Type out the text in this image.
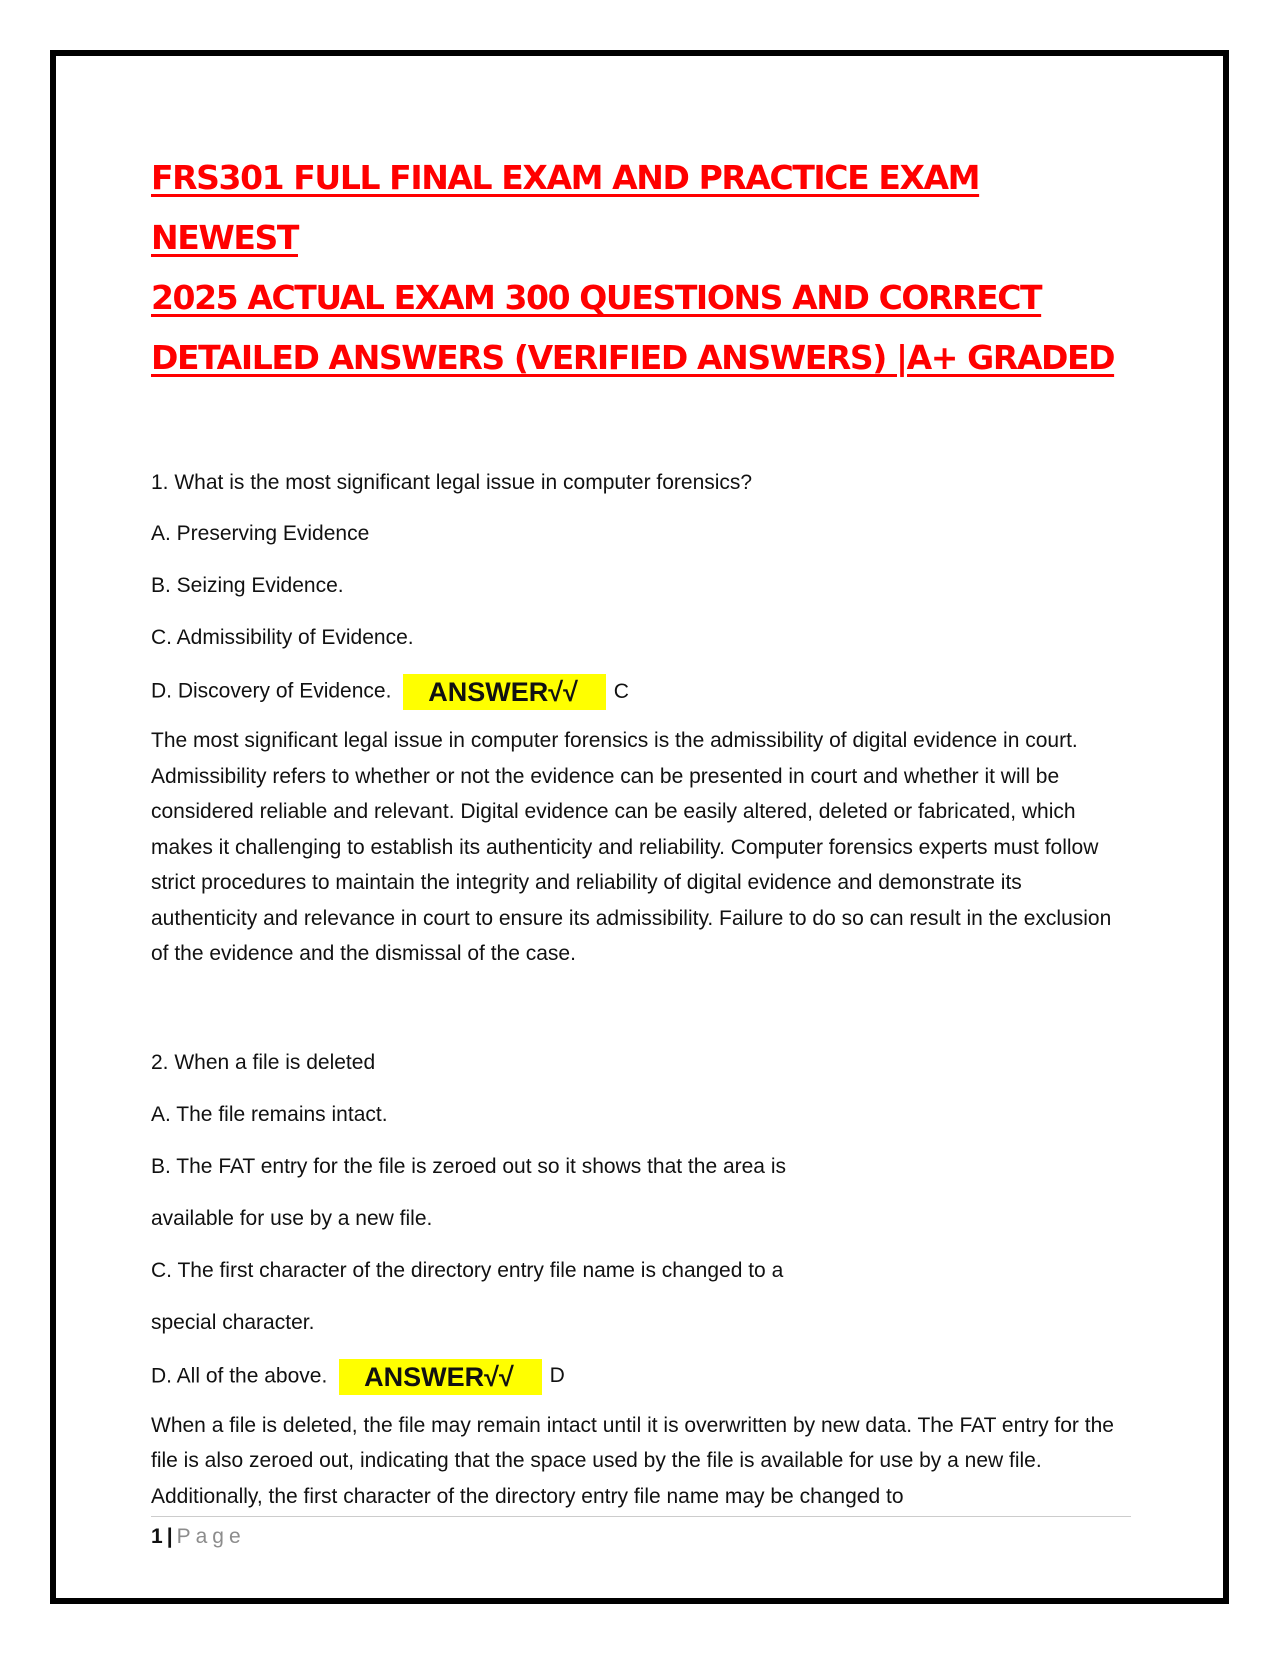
FRS301 FULL FINAL EXAM AND PRACTICE EXAM NEWEST
2025 ACTUAL EXAM 300 QUESTIONS AND CORRECT
DETAILED ANSWERS (VERIFIED ANSWERS) |A+ GRADED

1. What is the most significant legal issue in computer forensics?

A. Preserving Evidence

B. Seizing Evidence.

C. Admissibility of Evidence.

D. Discovery of Evidence. ANSWER√√ C

The most significant legal issue in computer forensics is the admissibility of digital evidence in court. Admissibility refers to whether or not the evidence can be presented in court and whether it will be considered reliable and relevant. Digital evidence can be easily altered, deleted or fabricated, which makes it challenging to establish its authenticity and reliability. Computer forensics experts must follow strict procedures to maintain the integrity and reliability of digital evidence and demonstrate its authenticity and relevance in court to ensure its admissibility. Failure to do so can result in the exclusion of the evidence and the dismissal of the case.

2. When a file is deleted

A. The file remains intact.

B. The FAT entry for the file is zeroed out so it shows that the area is

available for use by a new file.

C. The first character of the directory entry file name is changed to a

special character.

D. All of the above. ANSWER√√ D

When a file is deleted, the file may remain intact until it is overwritten by new data. The FAT entry for the file is also zeroed out, indicating that the space used by the file is available for use by a new file. Additionally, the first character of the directory entry file name may be changed to

1 | Page
